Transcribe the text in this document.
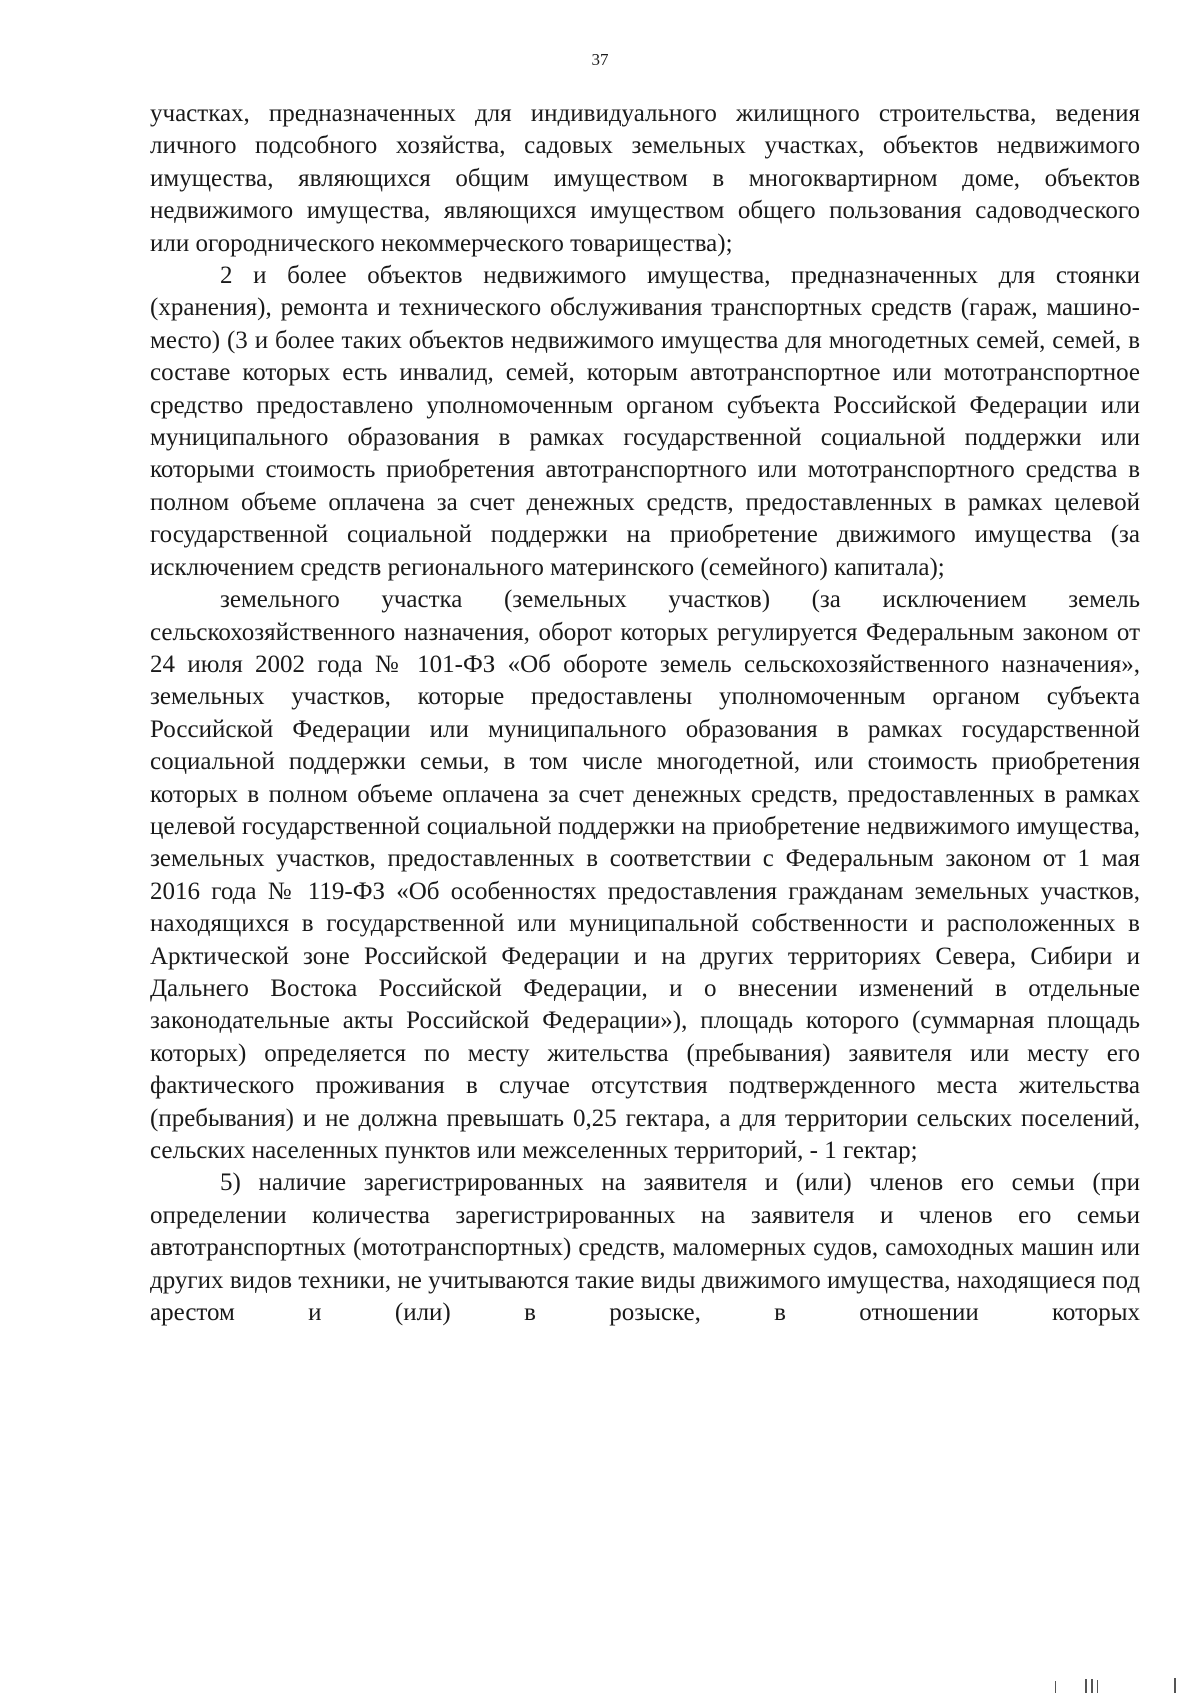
37

участках, предназначенных для индивидуального жилищного строительства, ведения личного подсобного хозяйства, садовых земельных участках, объектов недвижимого имущества, являющихся общим имуществом в многоквартирном доме, объектов недвижимого имущества, являющихся имуществом общего пользования садоводческого или огороднического некоммерческого товарищества);

2 и более объектов недвижимого имущества, предназначенных для стоянки (хранения), ремонта и технического обслуживания транспортных средств (гараж, машино-место) (3 и более таких объектов недвижимого имущества для многодетных семей, семей, в составе которых есть инвалид, семей, которым автотранспортное или мототранспортное средство предоставлено уполномоченным органом субъекта Российской Федерации или муниципального образования в рамках государственной социальной поддержки или которыми стоимость приобретения автотранспортного или мототранспортного средства в полном объеме оплачена за счет денежных средств, предоставленных в рамках целевой государственной социальной поддержки на приобретение движимого имущества (за исключением средств регионального материнского (семейного) капитала);

земельного участка (земельных участков) (за исключением земель сельскохозяйственного назначения, оборот которых регулируется Федеральным законом от 24 июля 2002 года № 101-ФЗ «Об обороте земель сельскохозяйственного назначения», земельных участков, которые предоставлены уполномоченным органом субъекта Российской Федерации или муниципального образования в рамках государственной социальной поддержки семьи, в том числе многодетной, или стоимость приобретения которых в полном объеме оплачена за счет денежных средств, предоставленных в рамках целевой государственной социальной поддержки на приобретение недвижимого имущества, земельных участков, предоставленных в соответствии с Федеральным законом от 1 мая 2016 года № 119-ФЗ «Об особенностях предоставления гражданам земельных участков, находящихся в государственной или муниципальной собственности и расположенных в Арктической зоне Российской Федерации и на других территориях Севера, Сибири и Дальнего Востока Российской Федерации, и о внесении изменений в отдельные законодательные акты Российской Федерации»), площадь которого (суммарная площадь которых) определяется по месту жительства (пребывания) заявителя или месту его фактического проживания в случае отсутствия подтвержденного места жительства (пребывания) и не должна превышать 0,25 гектара, а для территории сельских поселений, сельских населенных пунктов или межселенных территорий, - 1 гектар;

5) наличие зарегистрированных на заявителя и (или) членов его семьи (при определении количества зарегистрированных на заявителя и членов его семьи автотранспортных (мототранспортных) средств, маломерных судов, самоходных машин или других видов техники, не учитываются такие виды движимого имущества, находящиеся под арестом и (или) в розыске, в отношении которых
